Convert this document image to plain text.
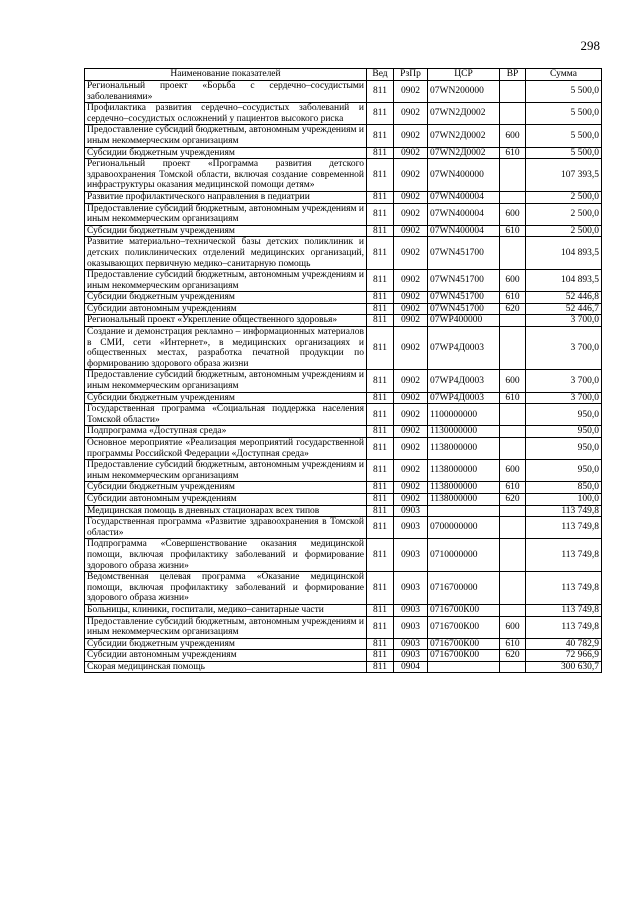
298
Наименование показателей	Вед	РзПр	ЦСР	ВР	Сумма
Региональный проект «Борьба с сердечно–сосудистыми заболеваниями»	811	0902	07WN200000		5 500,0
Профилактика развития сердечно–сосудистых заболеваний и сердечно–сосудистых осложнений у пациентов высокого риска	811	0902	07WN2Д0002		5 500,0
Предоставление субсидий бюджетным, автономным учреждениям и иным некоммерческим организациям	811	0902	07WN2Д0002	600	5 500,0
Субсидии бюджетным учреждениям	811	0902	07WN2Д0002	610	5 500,0
Региональный проект «Программа развития детского здравоохранения Томской области, включая создание современной инфраструктуры оказания медицинской помощи детям»	811	0902	07WN400000		107 393,5
Развитие профилактического направления в педиатрии	811	0902	07WN400004		2 500,0
Предоставление субсидий бюджетным, автономным учреждениям и иным некоммерческим организациям	811	0902	07WN400004	600	2 500,0
Субсидии бюджетным учреждениям	811	0902	07WN400004	610	2 500,0
Развитие материально–технической базы детских поликлиник и детских поликлинических отделений медицинских организаций, оказывающих первичную медико–санитарную помощь	811	0902	07WN451700		104 893,5
Предоставление субсидий бюджетным, автономным учреждениям и иным некоммерческим организациям	811	0902	07WN451700	600	104 893,5
Субсидии бюджетным учреждениям	811	0902	07WN451700	610	52 446,8
Субсидии автономным учреждениям	811	0902	07WN451700	620	52 446,7
Региональный проект «Укрепление общественного здоровья»	811	0902	07WP400000		3 700,0
Создание и демонстрация рекламно – информационных материалов в СМИ, сети «Интернет», в медицинских организациях и общественных местах, разработка печатной продукции по формированию здорового образа жизни	811	0902	07WP4Д0003		3 700,0
Предоставление субсидий бюджетным, автономным учреждениям и иным некоммерческим организациям	811	0902	07WP4Д0003	600	3 700,0
Субсидии бюджетным учреждениям	811	0902	07WP4Д0003	610	3 700,0
Государственная программа «Социальная поддержка населения Томской области»	811	0902	1100000000		950,0
Подпрограмма «Доступная среда»	811	0902	1130000000		950,0
Основное мероприятие «Реализация мероприятий государственной программы Российской Федерации «Доступная среда»	811	0902	1138000000		950,0
Предоставление субсидий бюджетным, автономным учреждениям и иным некоммерческим организациям	811	0902	1138000000	600	950,0
Субсидии бюджетным учреждениям	811	0902	1138000000	610	850,0
Субсидии автономным учреждениям	811	0902	1138000000	620	100,0
Медицинская помощь в дневных стационарах всех типов	811	0903			113 749,8
Государственная программа «Развитие здравоохранения в Томской области»	811	0903	0700000000		113 749,8
Подпрограмма «Совершенствование оказания медицинской помощи, включая профилактику заболеваний и формирование здорового образа жизни»	811	0903	0710000000		113 749,8
Ведомственная целевая программа «Оказание медицинской помощи, включая профилактику заболеваний и формирование здорового образа жизни»	811	0903	0716700000		113 749,8
Больницы, клиники, госпитали, медико–санитарные части	811	0903	0716700К00		113 749,8
Предоставление субсидий бюджетным, автономным учреждениям и иным некоммерческим организациям	811	0903	0716700К00	600	113 749,8
Субсидии бюджетным учреждениям	811	0903	0716700К00	610	40 782,9
Субсидии автономным учреждениям	811	0903	0716700К00	620	72 966,9
Скорая медицинская помощь	811	0904			300 630,7
